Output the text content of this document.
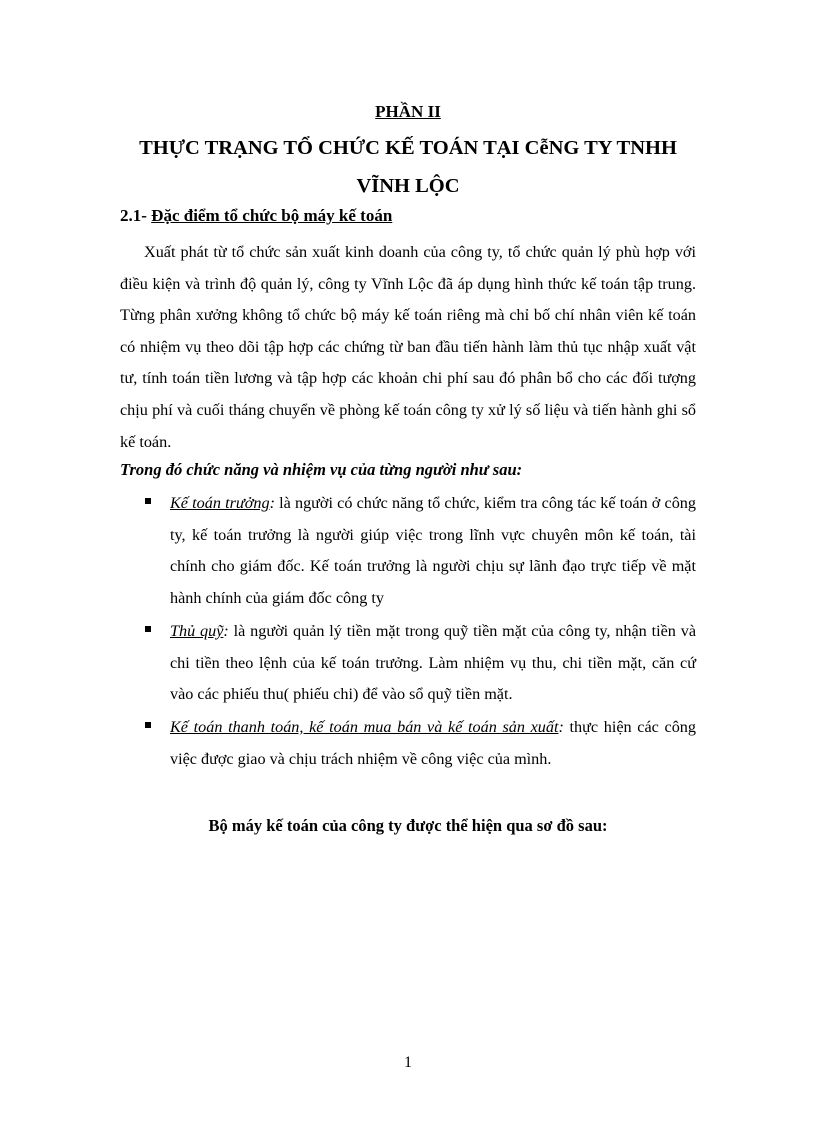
PHẦN II
THỰC TRẠNG TỔ CHỨC KẾ TOÁN TẠI CễNG TY TNHH
VĨNH LỘC
2.1- Đặc điểm tổ chức bộ máy kế toán

Xuất phát từ tổ chức sản xuất kinh doanh của công ty, tổ chức quản lý phù hợp với điều kiện và trình độ quản lý, công ty Vĩnh Lộc đã áp dụng hình thức kế toán tập trung. Từng phân xưởng không tổ chức bộ máy kế toán riêng mà chỉ bố chí nhân viên kế toán có nhiệm vụ theo dõi tập hợp các chứng từ ban đầu tiến hành làm thủ tục nhập xuất vật tư, tính toán tiền lương và tập hợp các khoản chi phí sau đó phân bổ cho các đối tượng chịu phí và cuối tháng chuyển về phòng kế toán công ty xử lý số liệu và tiến hành ghi sổ kế toán.

Trong đó chức năng và nhiệm vụ của từng người như sau:

Kế toán trưởng: là người có chức năng tổ chức, kiểm tra công tác kế toán ở công ty, kế toán trưởng là người giúp việc trong lĩnh vực chuyên môn kế toán, tài chính cho giám đốc. Kế toán trưởng là người chịu sự lãnh đạo trực tiếp về mặt hành chính của giám đốc công ty

Thủ quỹ: là người quản lý tiền mặt trong quỹ tiền mặt của công ty, nhận tiền và chi tiền theo lệnh của kế toán trưởng. Làm nhiệm vụ thu, chi tiền mặt, căn cứ vào các phiếu thu( phiếu chi) để vào sổ quỹ tiền mặt.

Kế toán thanh toán, kế toán mua bán và kế toán sản xuất: thực hiện các công việc được giao và chịu trách nhiệm về công việc của mình.

Bộ máy kế toán của công ty được thể hiện qua sơ đồ sau:
1
